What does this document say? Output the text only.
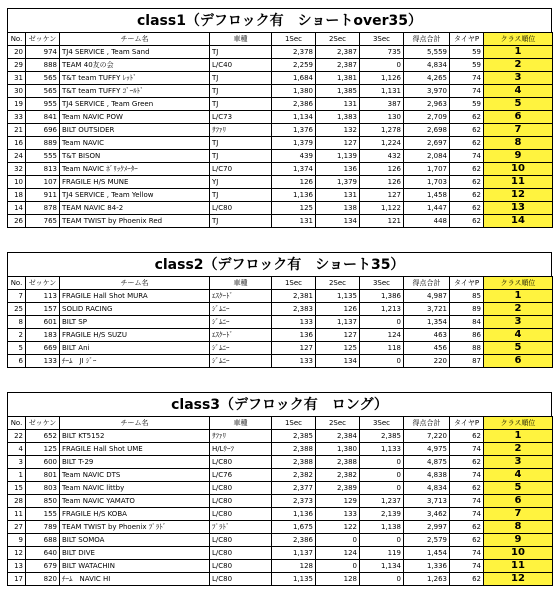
class1（デフロック有　ショートover35）
No.	ゼッケン	チーム名	車種	1Sec	2Sec	3Sec	得点合計	タイヤP	クラス順位
20	974	TJ4 SERVICE , Team Sand	TJ	2,378	2,387	735	5,559	59	1
29	888	TEAM 40友の会	L/C40	2,259	2,387	0	4,834	59	2
31	565	T&T team TUFFY ﾚｯﾄﾞ	TJ	1,684	1,381	1,126	4,265	74	3
30	565	T&T team TUFFY ｺﾞｰﾙﾄﾞ	TJ	1,380	1,385	1,131	3,970	74	4
19	955	TJ4 SERVICE , Team Green	TJ	2,386	131	387	2,963	59	5
33	841	Team NAVIC POW	L/C73	1,134	1,383	130	2,709	62	6
21	696	BILT OUTSIDER	ｻﾌｧﾘ	1,376	132	1,278	2,698	62	7
16	889	Team NAVIC	TJ	1,379	127	1,224	2,697	62	8
24	555	T&T BISON	TJ	439	1,139	432	2,084	74	9
32	813	Team NAVIC ﾎﾞﾘｯｸﾒｰﾀｰ	L/C70	1,374	136	126	1,707	62	10
10	107	FRAGILE H/S MUNE	YJ	126	1,379	126	1,703	62	11
18	911	TJ4 SERVICE , Team Yellow	TJ	1,136	131	127	1,458	62	12
14	878	TEAM NAVIC 84-2	L/C80	125	138	1,122	1,447	62	13
26	765	TEAM TWIST by Phoenix Red	TJ	131	134	121	448	62	14
class2（デフロック有　ショート35）
No.	ゼッケン	チーム名	車種	1Sec	2Sec	3Sec	得点合計	タイヤP	クラス順位
7	113	FRAGILE Hall Shot MURA	ｴｽｸｰﾄﾞ	2,381	1,135	1,386	4,987	85	1
25	157	SOLID RACING	ｼﾞﾑﾆｰ	2,383	126	1,213	3,721	89	2
8	601	BILT SP	ｼﾞﾑﾆｰ	133	1,137	0	1,354	84	3
2	183	FRAGILE H/S SUZU	ｴｽｸｰﾄﾞ	136	127	124	463	86	4
5	669	BILT Ani	ｼﾞﾑﾆｰ	127	125	118	456	88	5
6	133	ﾁｰﾑ　JI ｼﾞｰ	ｼﾞﾑﾆｰ	133	134	0	220	87	6
class3（デフロック有　ロング）
No.	ゼッケン	チーム名	車種	1Sec	2Sec	3Sec	得点合計	タイヤP	クラス順位
22	652	BILT KT5152	ｻﾌｧﾘ	2,385	2,384	2,385	7,220	62	1
4	125	FRAGILE Hall Shot UME	H/Lｻｰﾌ	2,388	1,380	1,133	4,975	74	2
3	600	BILT T-29	L/C80	2,388	2,388	0	4,875	62	3
1	801	Team NAVIC DTS	L/C76	2,382	2,382	0	4,838	74	4
15	803	Team NAVIC littby	L/C80	2,377	2,389	0	4,834	62	5
28	850	Team NAVIC YAMATO	L/C80	2,373	129	1,237	3,713	74	6
11	155	FRAGILE H/S KOBA	L/C80	1,136	133	2,139	3,462	74	7
27	789	TEAM TWIST by Phoenix ﾌﾟﾗﾄﾞ	ﾌﾟﾗﾄﾞ	1,675	122	1,138	2,997	62	8
9	688	BILT SOMOA	L/C80	2,386	0	0	2,579	62	9
12	640	BILT DIVE	L/C80	1,137	124	119	1,454	74	10
13	679	BILT WATACHIN	L/C80	128	0	1,134	1,336	74	11
17	820	ﾁｰﾑ　NAVIC HI	L/C80	1,135	128	0	1,263	62	12
